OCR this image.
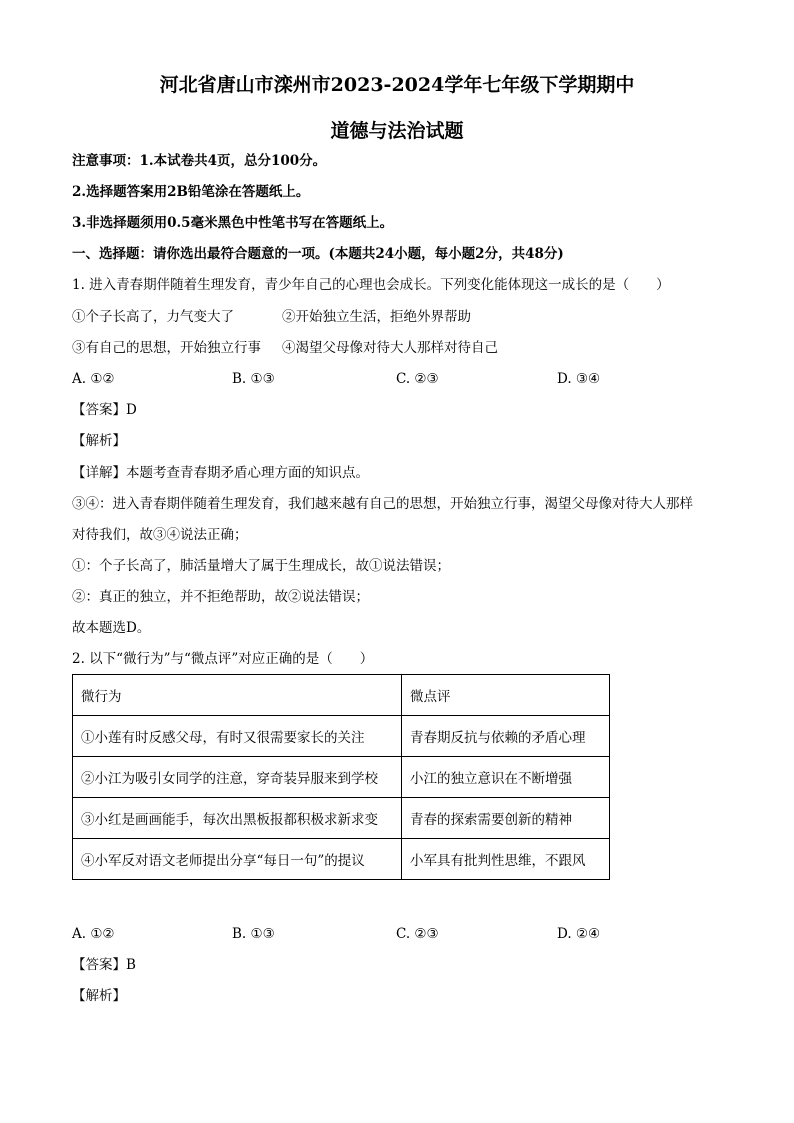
河北省唐山市滦州市2023-2024学年七年级下学期期中
道德与法治试题
注意事项：1.本试卷共4页，总分100分。
2.选择题答案用2B铅笔涂在答题纸上。
3.非选择题须用0.5毫米黑色中性笔书写在答题纸上。
一、选择题：请你选出最符合题意的一项。(本题共24小题，每小题2分，共48分)
1. 进入青春期伴随着生理发育，青少年自己的心理也会成长。下列变化能体现这一成长的是（　　）
①个子长高了，力气变大了	②开始独立生活，拒绝外界帮助
③有自己的思想，开始独立行事 ④渴望父母像对待大人那样对待自己
A. ①②	B. ①③	C. ②③	D. ③④
【答案】D
【解析】
【详解】本题考查青春期矛盾心理方面的知识点。
③④：进入青春期伴随着生理发育，我们越来越有自己的思想，开始独立行事，渴望父母像对待大人那样
对待我们，故③④说法正确；
①：个子长高了，肺活量增大了属于生理成长，故①说法错误；
②：真正的独立，并不拒绝帮助，故②说法错误；
故本题选D。
2. 以下“微行为”与“微点评”对应正确的是（　　）
微行为	微点评
①小莲有时反感父母，有时又很需要家长的关注	青春期反抗与依赖的矛盾心理
②小江为吸引女同学的注意，穿奇装异服来到学校	小江的独立意识在不断增强
③小红是画画能手，每次出黑板报都积极求新求变	青春的探索需要创新的精神
④小军反对语文老师提出分享“每日一句”的提议	小军具有批判性思维，不跟风
A. ①②	B. ①③	C. ②③	D. ②④
【答案】B
【解析】
